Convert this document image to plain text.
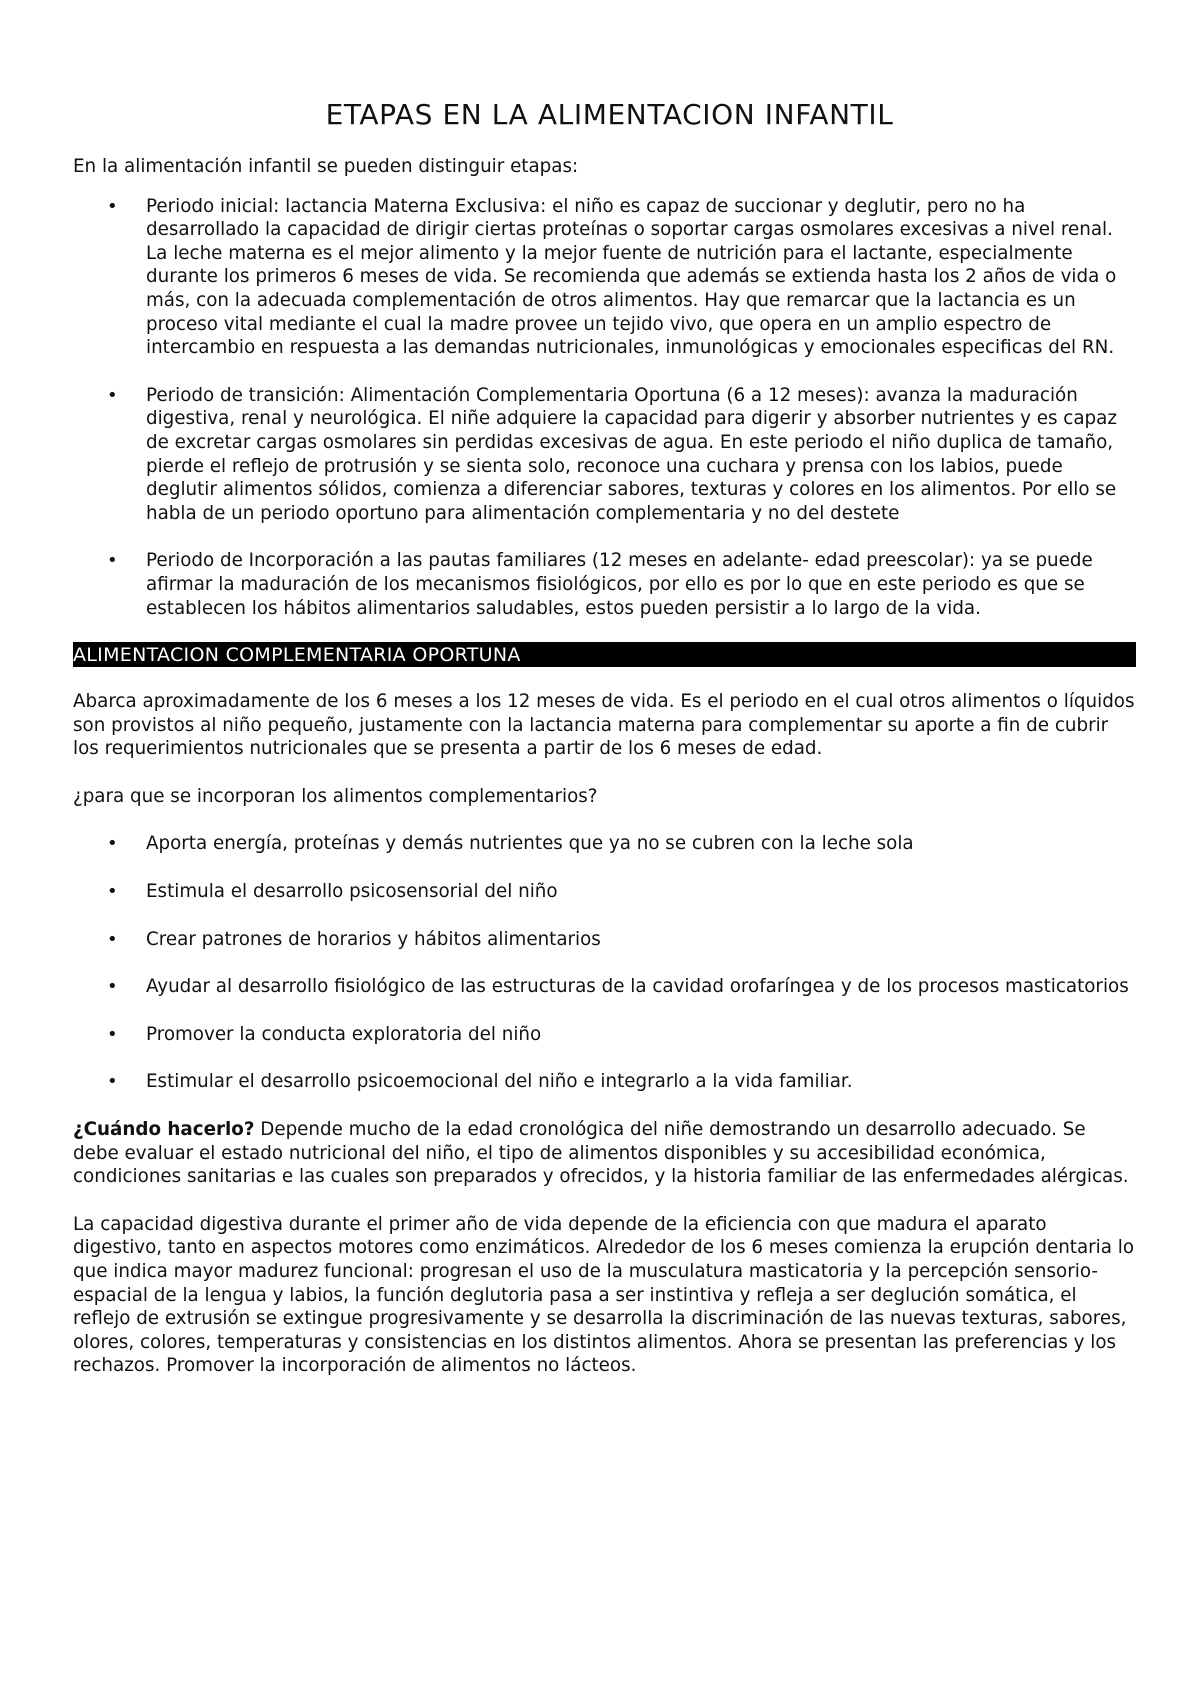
ETAPAS EN LA ALIMENTACION INFANTIL

En la alimentación infantil se pueden distinguir etapas:

• Periodo inicial: lactancia Materna Exclusiva: el niño es capaz de succionar y deglutir, pero no ha desarrollado la capacidad de dirigir ciertas proteínas o soportar cargas osmolares excesivas a nivel renal. La leche materna es el mejor alimento y la mejor fuente de nutrición para el lactante, especialmente durante los primeros 6 meses de vida. Se recomienda que además se extienda hasta los 2 años de vida o más, con la adecuada complementación de otros alimentos. Hay que remarcar que la lactancia es un proceso vital mediante el cual la madre provee un tejido vivo, que opera en un amplio espectro de intercambio en respuesta a las demandas nutricionales, inmunológicas y emocionales especificas del RN.
• Periodo de transición: Alimentación Complementaria Oportuna (6 a 12 meses): avanza la maduración digestiva, renal y neurológica. El niñe adquiere la capacidad para digerir y absorber nutrientes y es capaz de excretar cargas osmolares sin perdidas excesivas de agua. En este periodo el niño duplica de tamaño, pierde el reflejo de protrusión y se sienta solo, reconoce una cuchara y prensa con los labios, puede deglutir alimentos sólidos, comienza a diferenciar sabores, texturas y colores en los alimentos. Por ello se habla de un periodo oportuno para alimentación complementaria y no del destete
• Periodo de Incorporación a las pautas familiares (12 meses en adelante- edad preescolar): ya se puede afirmar la maduración de los mecanismos fisiológicos, por ello es por lo que en este periodo es que se establecen los hábitos alimentarios saludables, estos pueden persistir a lo largo de la vida.
ALIMENTACION COMPLEMENTARIA OPORTUNA

Abarca aproximadamente de los 6 meses a los 12 meses de vida. Es el periodo en el cual otros alimentos o líquidos son provistos al niño pequeño, justamente con la lactancia materna para complementar su aporte a fin de cubrir los requerimientos nutricionales que se presenta a partir de los 6 meses de edad.

¿para que se incorporan los alimentos complementarios?

• Aporta energía, proteínas y demás nutrientes que ya no se cubren con la leche sola
• Estimula el desarrollo psicosensorial del niño
• Crear patrones de horarios y hábitos alimentarios
• Ayudar al desarrollo fisiológico de las estructuras de la cavidad orofaríngea y de los procesos masticatorios
• Promover la conducta exploratoria del niño
• Estimular el desarrollo psicoemocional del niño e integrarlo a la vida familiar.

¿Cuándo hacerlo? Depende mucho de la edad cronológica del niñe demostrando un desarrollo adecuado. Se debe evaluar el estado nutricional del niño, el tipo de alimentos disponibles y su accesibilidad económica, condiciones sanitarias e las cuales son preparados y ofrecidos, y la historia familiar de las enfermedades alérgicas.

La capacidad digestiva durante el primer año de vida depende de la eficiencia con que madura el aparato digestivo, tanto en aspectos motores como enzimáticos. Alrededor de los 6 meses comienza la erupción dentaria lo que indica mayor madurez funcional: progresan el uso de la musculatura masticatoria y la percepción sensorio-espacial de la lengua y labios, la función deglutoria pasa a ser instintiva y refleja a ser deglución somática, el reflejo de extrusión se extingue progresivamente y se desarrolla la discriminación de las nuevas texturas, sabores, olores, colores, temperaturas y consistencias en los distintos alimentos. Ahora se presentan las preferencias y los rechazos. Promover la incorporación de alimentos no lácteos.
